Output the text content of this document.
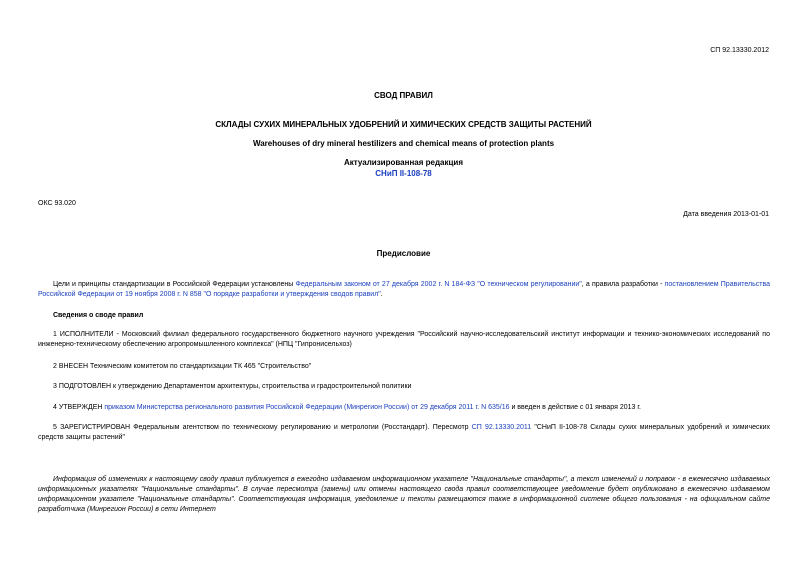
СП 92.13330.2012
СВОД ПРАВИЛ
СКЛАДЫ СУХИХ МИНЕРАЛЬНЫХ УДОБРЕНИЙ И ХИМИЧЕСКИХ СРЕДСТВ ЗАЩИТЫ РАСТЕНИЙ
Warehouses of dry mineral hestilizers and chemical means of protection plants
Актуализированная редакция
СНиП II-108-78
ОКС 93.020
Дата введения 2013-01-01
Предисловие
Цели и принципы стандартизации в Российской Федерации установлены Федеральным законом от 27 декабря 2002 г. N 184-ФЗ "О техническом регулировании", а правила разработки - постановлением Правительства Российской Федерации от 19 ноября 2008 г. N 858 "О порядке разработки и утверждения сводов правил".
Сведения о своде правил
1 ИСПОЛНИТЕЛИ - Московский филиал федерального государственного бюджетного научного учреждения "Российский научно-исследовательский институт информации и технико-экономических исследований по инженерно-техническому обеспечению агропромышленного комплекса" (НПЦ "Гипронисельхоз)
2 ВНЕСЕН Техническим комитетом по стандартизации ТК 465 "Строительство"
3 ПОДГОТОВЛЕН к утверждению Департаментом архитектуры, строительства и градостроительной политики
4 УТВЕРЖДЕН приказом Министерства регионального развития Российской Федерации (Минрегион России) от 29 декабря 2011 г. N 635/16 и введен в действие с 01 января 2013 г.
5 ЗАРЕГИСТРИРОВАН Федеральным агентством по техническому регулированию и метрологии (Росстандарт). Пересмотр СП 92.13330.2011 "СНиП II-108-78 Склады сухих минеральных удобрений и химических средств защиты растений"
Информация об изменениях к настоящему своду правил публикуется в ежегодно издаваемом информационном указателе "Национальные стандарты", а текст изменений и поправок - в ежемесячно издаваемых информационных указателях "Национальные стандарты". В случае пересмотра (замены) или отмены настоящего свода правил соответствующее уведомление будет опубликовано в ежемесячно издаваемом информационном указателе "Национальные стандарты". Соответствующая информация, уведомление и тексты размещаются также в информационной системе общего пользования - на официальном сайте разработчика (Минрегион России) в сети Интернет
